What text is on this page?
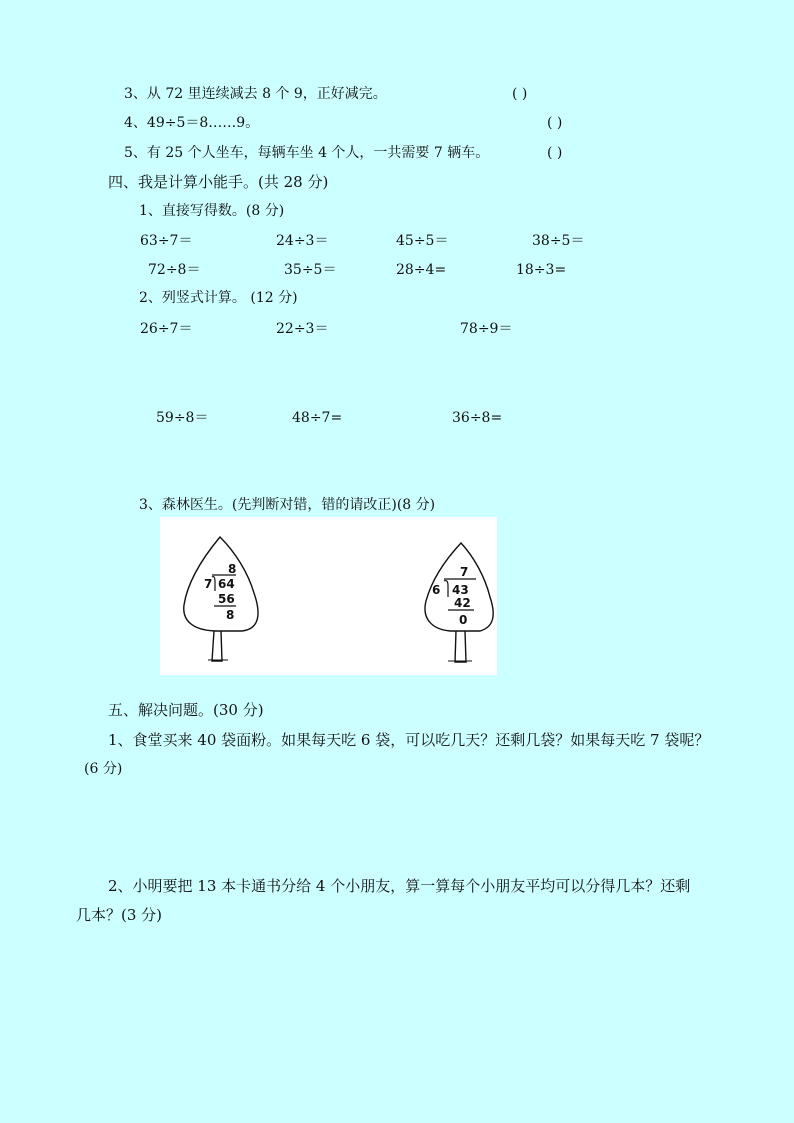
3、从 72 里连续减去 8 个 9，正好减完。	( )
4、49÷5＝8……9。	( )
5、有 25 个人坐车，每辆车坐 4 个人，一共需要 7 辆车。	( )
四、我是计算小能手。(共 28 分)
1、直接写得数。(8 分)
63÷7＝	24÷3＝	45÷5＝	38÷5＝
72÷8＝	35÷5＝	28÷4=	18÷3=
2、列竖式计算。 (12 分)
26÷7＝	22÷3＝	78÷9＝
59÷8＝	48÷7=	36÷8=
3、森林医生。(先判断对错，错的请改正)(8 分)
8
7 64
56
8
7
6 43
42
0
五、解决问题。(30 分)
1、食堂买来 40 袋面粉。如果每天吃 6 袋，可以吃几天？还剩几袋？如果每天吃 7 袋呢？
(6 分)
2、小明要把 13 本卡通书分给 4 个小朋友，算一算每个小朋友平均可以分得几本？还剩
几本？(3 分)
